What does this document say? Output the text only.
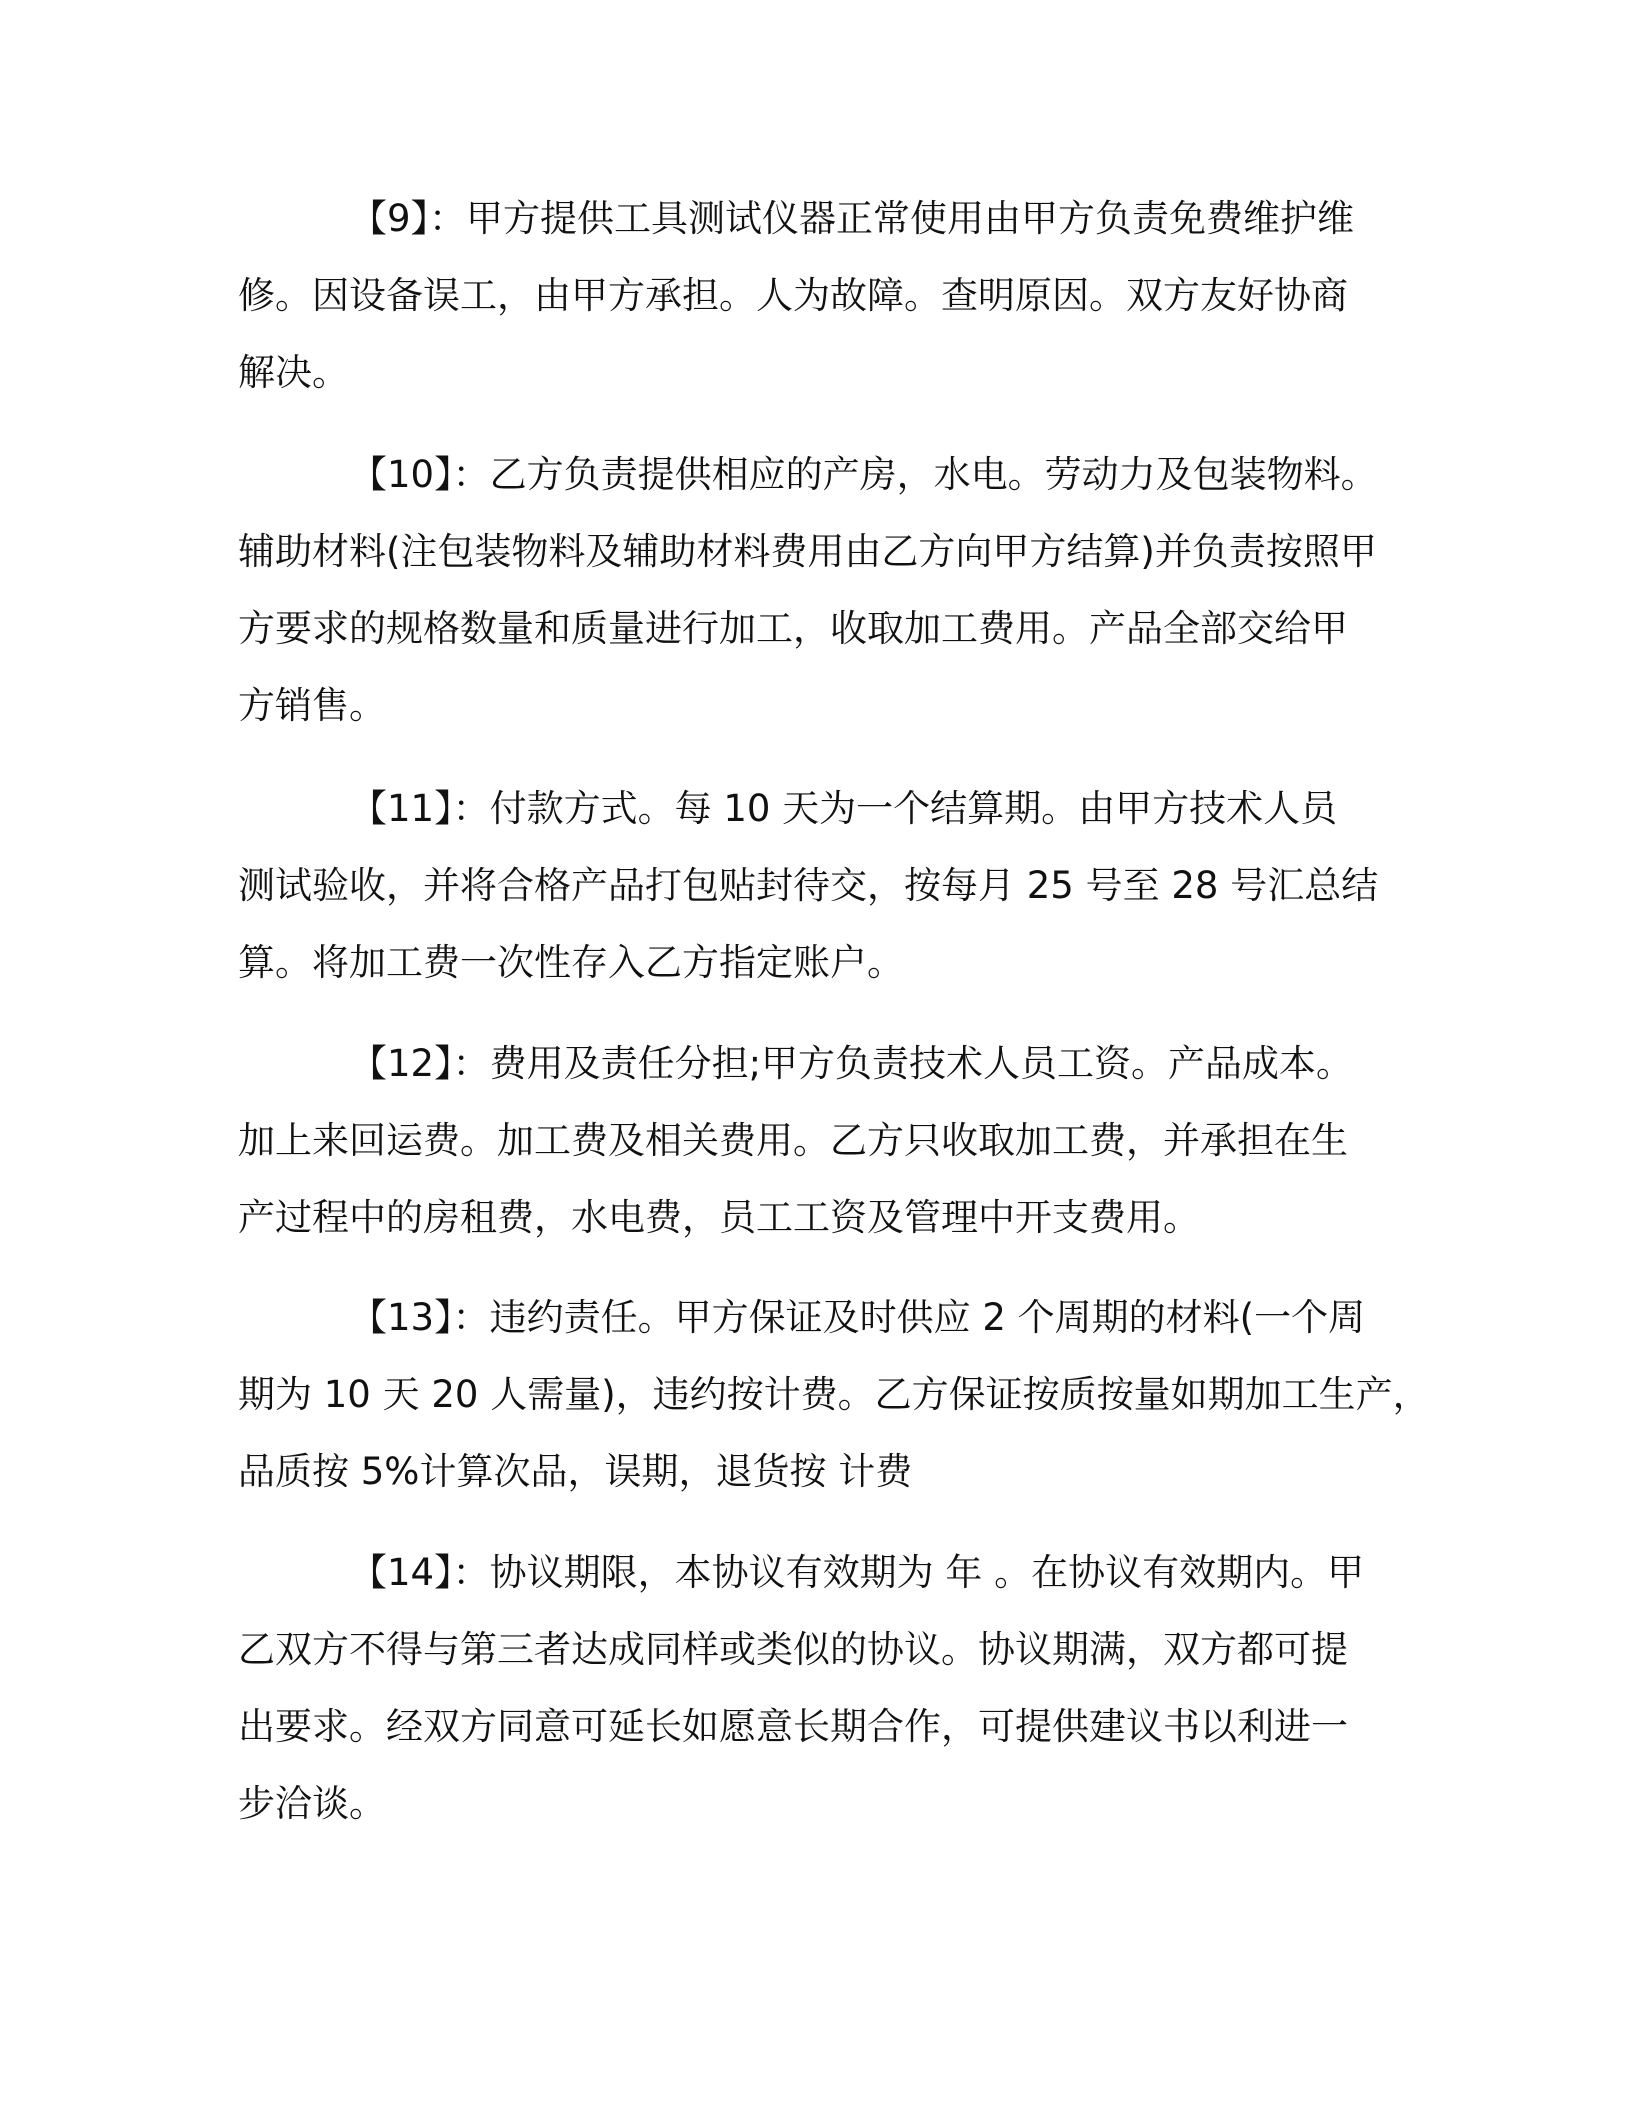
【9】：甲方提供工具测试仪器正常使用由甲方负责免费维护维
修。因设备误工，由甲方承担。人为故障。查明原因。双方友好协商
解决。
【10】：乙方负责提供相应的产房，水电。劳动力及包装物料。
辅助材料(注包装物料及辅助材料费用由乙方向甲方结算)并负责按照甲
方要求的规格数量和质量进行加工，收取加工费用。产品全部交给甲
方销售。
【11】：付款方式。每 10 天为一个结算期。由甲方技术人员
测试验收，并将合格产品打包贴封待交，按每月 25 号至 28 号汇总结
算。将加工费一次性存入乙方指定账户。
【12】：费用及责任分担;甲方负责技术人员工资。产品成本。
加上来回运费。加工费及相关费用。乙方只收取加工费，并承担在生
产过程中的房租费，水电费，员工工资及管理中开支费用。
【13】：违约责任。甲方保证及时供应 2 个周期的材料(一个周
期为 10 天 20 人需量)，违约按计费。乙方保证按质按量如期加工生产，
品质按 5%计算次品，误期，退货按 计费
【14】：协议期限，本协议有效期为 年 。在协议有效期内。甲
乙双方不得与第三者达成同样或类似的协议。协议期满，双方都可提
出要求。经双方同意可延长如愿意长期合作，可提供建议书以利进一
步洽谈。
